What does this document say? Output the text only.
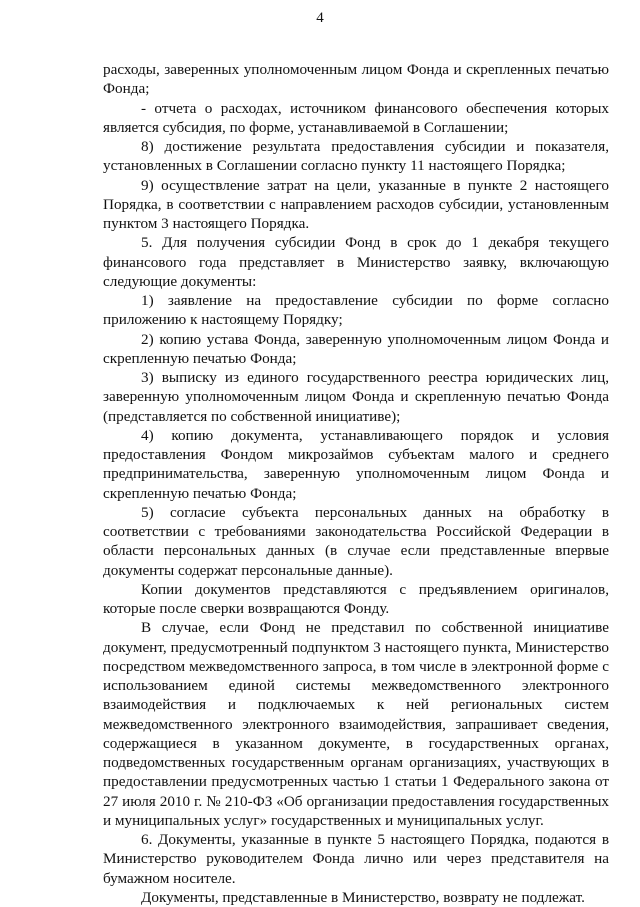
4

расходы, заверенных уполномоченным лицом Фонда и скрепленных печатью Фонда;

- отчета о расходах, источником финансового обеспечения которых является субсидия, по форме, устанавливаемой в Соглашении;

8) достижение результата предоставления субсидии и показателя, установленных в Соглашении согласно пункту 11 настоящего Порядка;

9) осуществление затрат на цели, указанные в пункте 2 настоящего Порядка, в соответствии с направлением расходов субсидии, установленным пунктом 3 настоящего Порядка.

5. Для получения субсидии Фонд в срок до 1 декабря текущего финансового года представляет в Министерство заявку, включающую следующие документы:

1) заявление на предоставление субсидии по форме согласно приложению к настоящему Порядку;

2) копию устава Фонда, заверенную уполномоченным лицом Фонда и скрепленную печатью Фонда;

3) выписку из единого государственного реестра юридических лиц, заверенную уполномоченным лицом Фонда и скрепленную печатью Фонда (представляется по собственной инициативе);

4) копию документа, устанавливающего порядок и условия предоставления Фондом микрозаймов субъектам малого и среднего предпринимательства, заверенную уполномоченным лицом Фонда и скрепленную печатью Фонда;

5) согласие субъекта персональных данных на обработку в соответствии с требованиями законодательства Российской Федерации в области персональных данных (в случае если представленные впервые документы содержат персональные данные).

Копии документов представляются с предъявлением оригиналов, которые после сверки возвращаются Фонду.

В случае, если Фонд не представил по собственной инициативе документ, предусмотренный подпунктом 3 настоящего пункта, Министерство посредством межведомственного запроса, в том числе в электронной форме с использованием единой системы межведомственного электронного взаимодействия и подключаемых к ней региональных систем межведомственного электронного взаимодействия, запрашивает сведения, содержащиеся в указанном документе, в государственных органах, подведомственных государственным органам организациях, участвующих в предоставлении предусмотренных частью 1 статьи 1 Федерального закона от 27 июля 2010 г. № 210-ФЗ «Об организации предоставления государственных и муниципальных услуг» государственных и муниципальных услуг.

6. Документы, указанные в пункте 5 настоящего Порядка, подаются в Министерство руководителем Фонда лично или через представителя на бумажном носителе.

Документы, представленные в Министерство, возврату не подлежат.
